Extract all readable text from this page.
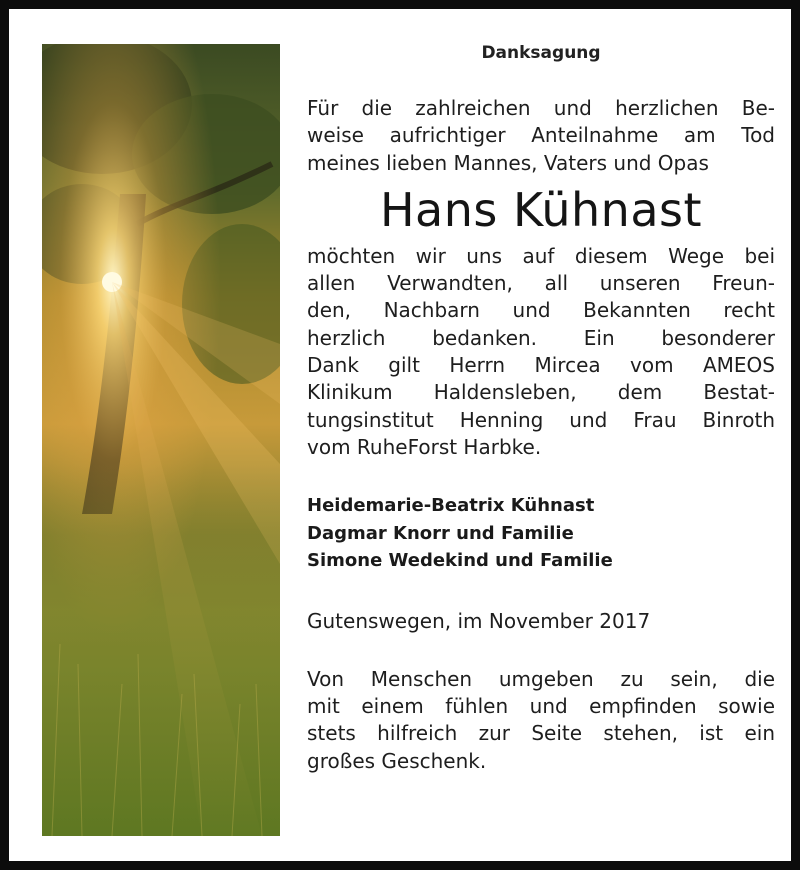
Danksagung

Für die zahlreichen und herzlichen Be-
weise aufrichtiger Anteilnahme am Tod
meines lieben Mannes, Vaters und Opas

Hans Kühnast

möchten wir uns auf diesem Wege bei
allen Verwandten, all unseren Freun-
den, Nachbarn und Bekannten recht
herzlich bedanken. Ein besonderer
Dank gilt Herrn Mircea vom AMEOS
Klinikum Haldensleben, dem Bestat-
tungsinstitut Henning und Frau Binroth
vom RuheForst Harbke.

Heidemarie-Beatrix Kühnast
Dagmar Knorr und Familie
Simone Wedekind und Familie
Gutenswegen, im November 2017

Von Menschen umgeben zu sein, die
mit einem fühlen und empfinden sowie
stets hilfreich zur Seite stehen, ist ein
großes Geschenk.
